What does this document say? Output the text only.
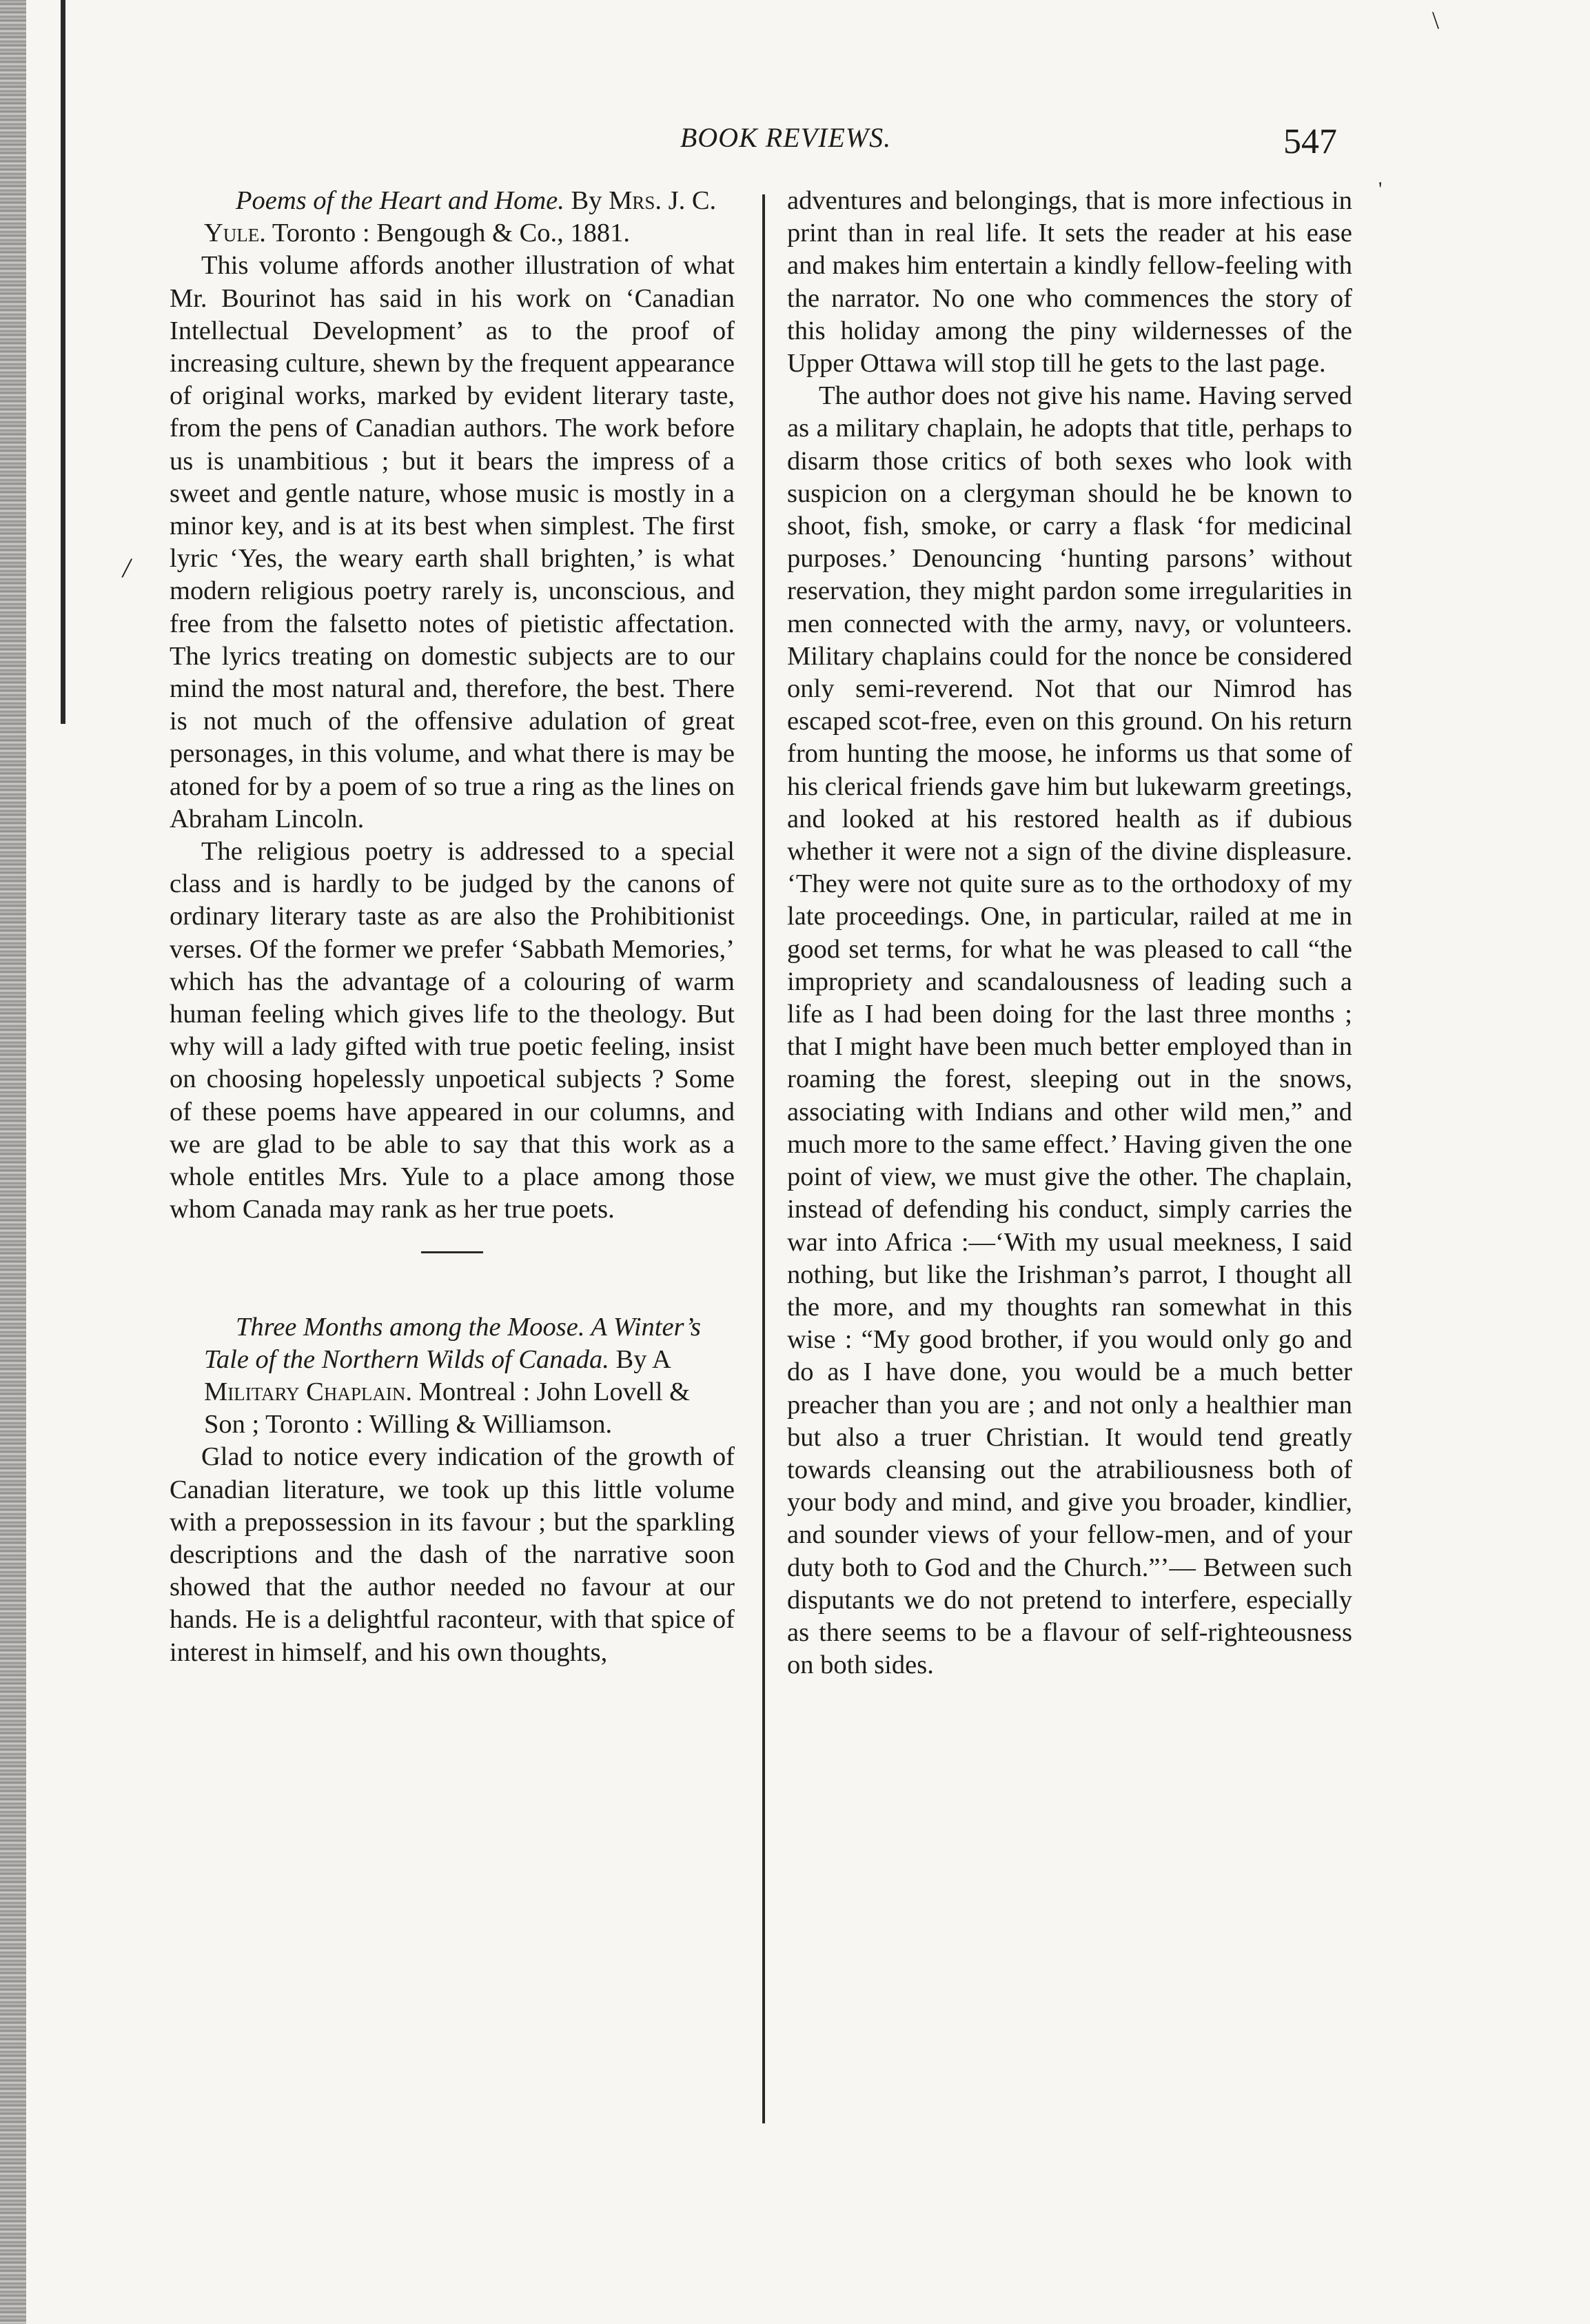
\
'
BOOK REVIEWS.	547
/

Poems of the Heart and Home. By Mrs. J. C. Yule. Toronto : Bengough & Co., 1881.

This volume affords another illustration of what Mr. Bourinot has said in his work on ‘Canadian Intellectual Development’ as to the proof of increasing culture, shewn by the frequent appearance of original works, marked by evident literary taste, from the pens of Canadian authors. The work before us is unambitious ; but it bears the impress of a sweet and gentle nature, whose music is mostly in a minor key, and is at its best when simplest. The first lyric ‘Yes, the weary earth shall brighten,’ is what modern religious poetry rarely is, unconscious, and free from the falsetto notes of pietistic affectation. The lyrics treating on domestic subjects are to our mind the most natural and, therefore, the best. There is not much of the offensive adulation of great personages, in this volume, and what there is may be atoned for by a poem of so true a ring as the lines on Abraham Lincoln.

The religious poetry is addressed to a special class and is hardly to be judged by the canons of ordinary literary taste as are also the Prohibitionist verses. Of the former we prefer ‘Sabbath Memories,’ which has the advantage of a colouring of warm human feeling which gives life to the theology. But why will a lady gifted with true poetic feeling, insist on choosing hopelessly unpoetical subjects ? Some of these poems have appeared in our columns, and we are glad to be able to say that this work as a whole entitles Mrs. Yule to a place among those whom Canada may rank as her true poets.

Three Months among the Moose. A Winter’s Tale of the Northern Wilds of Canada. By A Military Chaplain. Montreal : John Lovell & Son ; Toronto : Willing & Williamson.

Glad to notice every indication of the growth of Canadian literature, we took up this little volume with a prepossession in its favour ; but the sparkling descriptions and the dash of the narrative soon showed that the author needed no favour at our hands. He is a delightful raconteur, with that spice of interest in himself, and his own thoughts,

adventures and belongings, that is more infectious in print than in real life. It sets the reader at his ease and makes him entertain a kindly fellow-feeling with the narrator. No one who commences the story of this holiday among the piny wildernesses of the Upper Ottawa will stop till he gets to the last page.

The author does not give his name. Having served as a military chaplain, he adopts that title, perhaps to disarm those critics of both sexes who look with suspicion on a clergyman should he be known to shoot, fish, smoke, or carry a flask ‘for medicinal purposes.’ Denouncing ‘hunting parsons’ without reservation, they might pardon some irregularities in men connected with the army, navy, or volunteers. Military chaplains could for the nonce be considered only semi-reverend. Not that our Nimrod has escaped scot-free, even on this ground. On his return from hunting the moose, he informs us that some of his clerical friends gave him but lukewarm greetings, and looked at his restored health as if dubious whether it were not a sign of the divine displeasure. ‘They were not quite sure as to the orthodoxy of my late proceedings. One, in particular, railed at me in good set terms, for what he was pleased to call “the impropriety and scandalousness of leading such a life as I had been doing for the last three months ; that I might have been much better employed than in roaming the forest, sleeping out in the snows, associating with Indians and other wild men,” and much more to the same effect.’ Having given the one point of view, we must give the other. The chaplain, instead of defending his conduct, simply carries the war into Africa :—‘With my usual meekness, I said nothing, but like the Irishman’s parrot, I thought all the more, and my thoughts ran somewhat in this wise : “My good brother, if you would only go and do as I have done, you would be a much better preacher than you are ; and not only a healthier man but also a truer Christian. It would tend greatly towards cleansing out the atrabiliousness both of your body and mind, and give you broader, kindlier, and sounder views of your fellow-men, and of your duty both to God and the Church.”’— Between such disputants we do not pretend to interfere, especially as there seems to be a flavour of self-righteousness on both sides.
